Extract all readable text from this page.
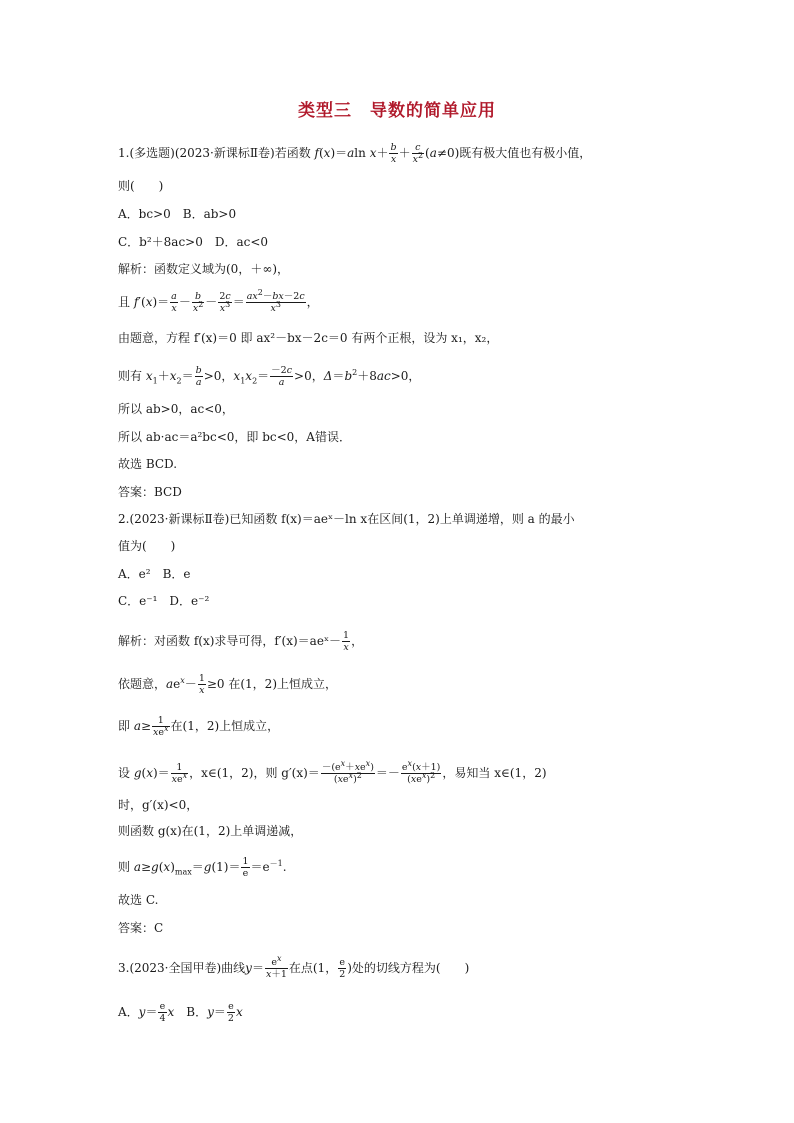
类型三　导数的简单应用
1.(多选题)(2023·新课标Ⅱ卷)若函数 f(x)＝aln $x+ \frac{b}{x} + \frac{c}{x^2} (a\ne 0)$既有极大值也有极小值，
则(　　)
A．bc>0　B．ab>0
C．b²＋8ac>0　D．ac<0
解析：函数定义域为(0，＋∞)，
且 $f'(x)= \frac{a}{x} - \frac{b}{x^2} - \frac{2c}{x^3} = \frac{ax^2-bx-2c}{x^3}$ ，
由题意，方程 f′(x)＝0 即 ax²－bx－2c＝0 有两个正根，设为 x₁，x₂，
则有 $x_1+x_2= \frac{b}{a} >0$，$x_1x_2= \frac{-2c}{a} >0$，$\Delta=b^2+8ac>0$，
所以 ab>0，ac<0，
所以 ab·ac＝a²bc<0，即 bc<0，A错误．
故选 BCD.
答案：BCD
2.(2023·新课标Ⅱ卷)已知函数 f(x)＝aeˣ－ln x在区间(1，2)上单调递增，则 a 的最小
值为(　　)
A．e²　B．e
C．e⁻¹　D．e⁻²
解析：对函数 f(x)求导可得，f′(x)＝aeˣ－ $\frac{1}{x}$ ，
依题意，$ae^x- \frac{1}{x} \ge 0$ 在(1，2)上恒成立，
即 $a\ge \frac{1}{xe^x}$ 在(1，2)上恒成立，
设 $g(x)= \frac{1}{xe^x}$ ，x∈(1，2)，则 $g'(x)= \frac{-(e^x+xe^x)}{(xe^x)^2} =- \frac{e^x(x+1)}{(xe^x)^2}$ ，易知当 x∈(1，2)
时，g′(x)<0，
则函数 g(x)在(1，2)上单调递减，
则 $a\ge g(x)_{max}=g(1)= \frac{1}{e} =e^{-1}$.
故选 C.
答案：C
3.(2023·全国甲卷)曲线$y= \frac{e^x}{x+1}$ 在点(1， $\frac{e}{2}$ )处的切线方程为(　　)
A．$y= \frac{e}{4}$ x　B．$y= \frac{e}{2}$ x
